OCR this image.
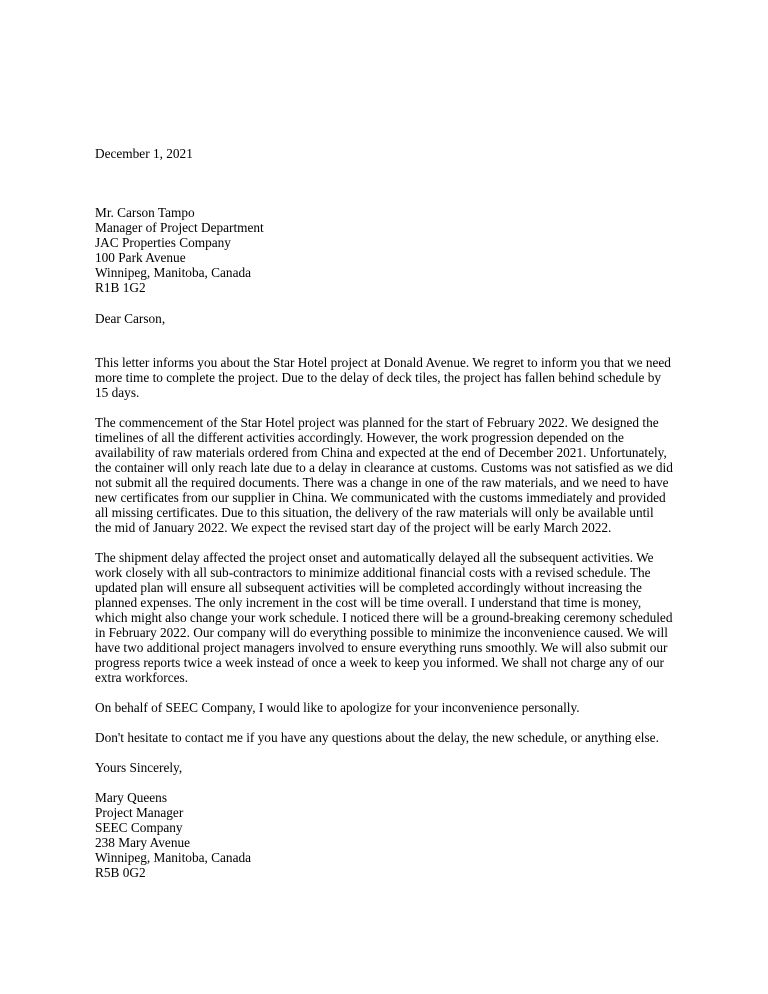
December 1, 2021
Mr. Carson Tampo
Manager of Project Department
JAC Properties Company
100 Park Avenue
Winnipeg, Manitoba, Canada
R1B 1G2
Dear Carson,

This letter informs you about the Star Hotel project at Donald Avenue. We regret to inform you that we need more time to complete the project. Due to the delay of deck tiles, the project has fallen behind schedule by 15 days.

The commencement of the Star Hotel project was planned for the start of February 2022. We designed the timelines of all the different activities accordingly. However, the work progression depended on the availability of raw materials ordered from China and expected at the end of December 2021. Unfortunately, the container will only reach late due to a delay in clearance at customs. Customs was not satisfied as we did not submit all the required documents. There was a change in one of the raw materials, and we need to have new certificates from our supplier in China. We communicated with the customs immediately and provided all missing certificates. Due to this situation, the delivery of the raw materials will only be available until the mid of January 2022. We expect the revised start day of the project will be early March 2022.

The shipment delay affected the project onset and automatically delayed all the subsequent activities. We work closely with all sub-contractors to minimize additional financial costs with a revised schedule. The updated plan will ensure all subsequent activities will be completed accordingly without increasing the planned expenses. The only increment in the cost will be time overall. I understand that time is money, which might also change your work schedule. I noticed there will be a ground-breaking ceremony scheduled in February 2022. Our company will do everything possible to minimize the inconvenience caused. We will have two additional project managers involved to ensure everything runs smoothly. We will also submit our progress reports twice a week instead of once a week to keep you informed. We shall not charge any of our extra workforces.

On behalf of SEEC Company, I would like to apologize for your inconvenience personally.

Don't hesitate to contact me if you have any questions about the delay, the new schedule, or anything else.

Yours Sincerely,
Mary Queens
Project Manager
SEEC Company
238 Mary Avenue
Winnipeg, Manitoba, Canada
R5B 0G2
